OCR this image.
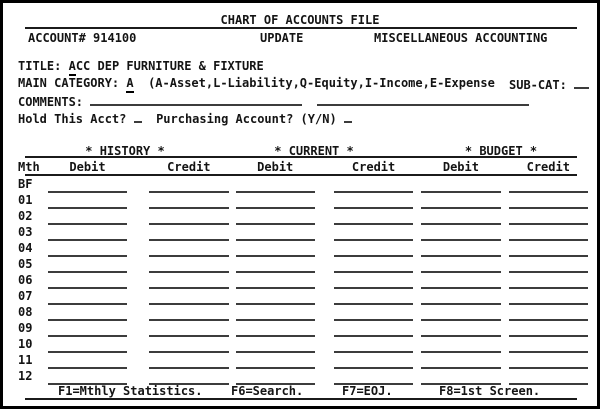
CHART OF ACCOUNTS FILE
ACCOUNT# 914100	UPDATE	MISCELLANEOUS ACCOUNTING
TITLE: ACC DEP FURNITURE & FIXTURE
MAIN CATEGORY: A (A-Asset,L-Liability,Q-Equity,I-Income,E-Expense SUB-CAT:
COMMENTS:
Hold This Acct? Purchasing Account? (Y/N)
* HISTORY *	* CURRENT *	* BUDGET *
Mth	Debit	Credit	Debit	Credit	Debit	Credit
BF
01
02
03
04
05
06
07
08
09
10
11
12
F1=Mthly Statistics. F6=Search.	F7=EOJ.	F8=1st Screen.
